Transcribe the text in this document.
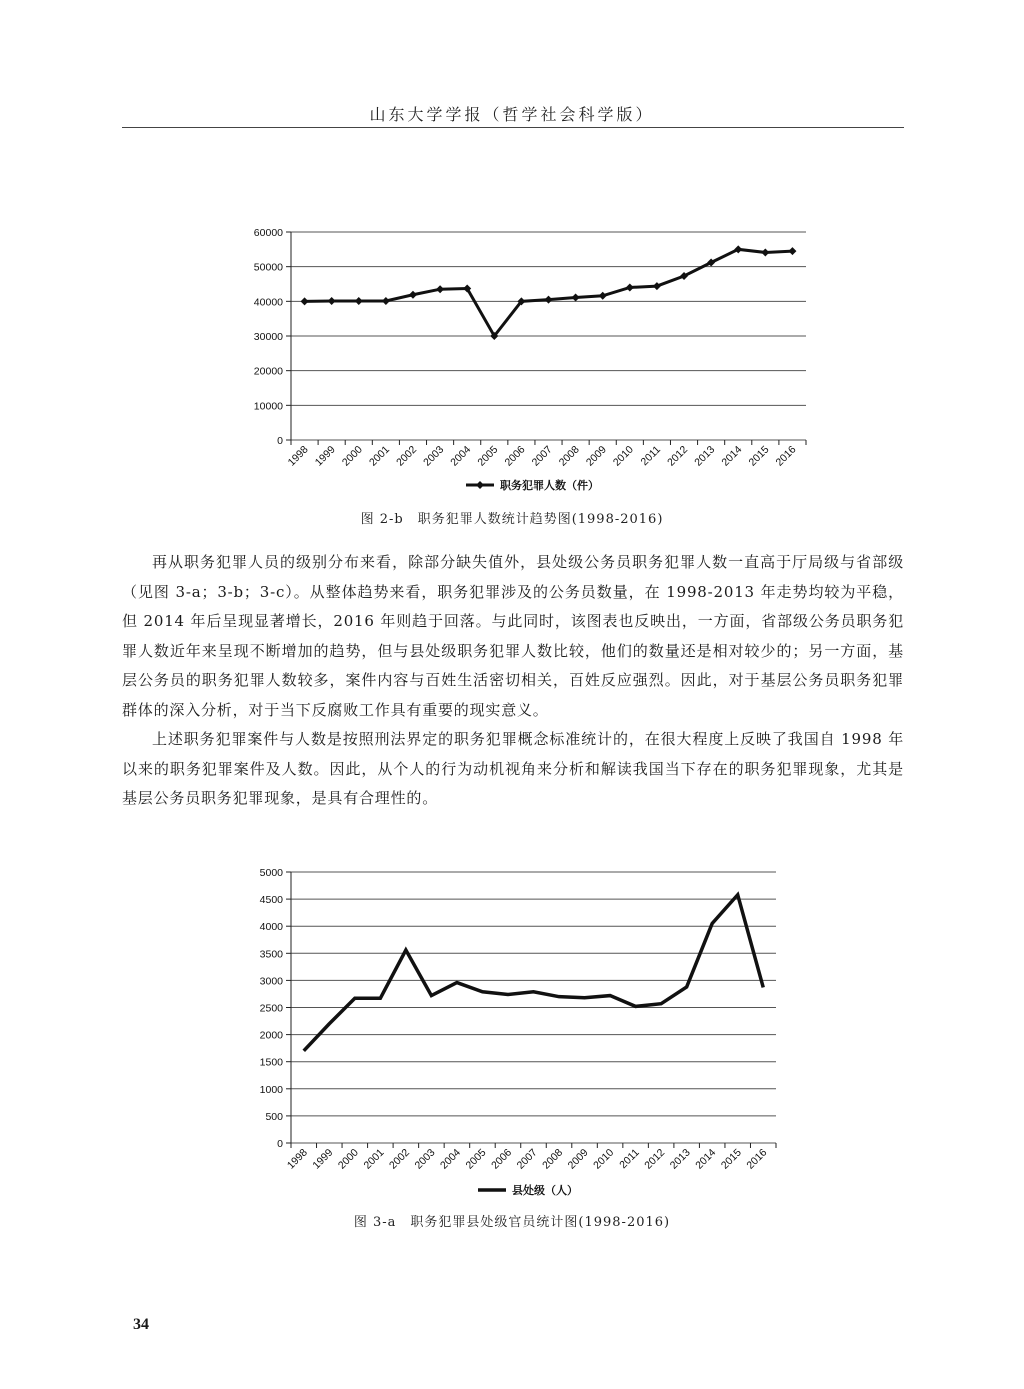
山东大学学报（哲学社会科学版）
0
10000
20000
30000
40000
50000
60000
1998 1999 2000 2001 2002 2003 2004 2005 2006 2007 2008 2009 2010 2011 2012 2013 2014 2015 2016
职务犯罪人数（件）
图 2-b　职务犯罪人数统计趋势图(1998-2016)

再从职务犯罪人员的级别分布来看，除部分缺失值外，县处级公务员职务犯罪人数一直高于厅局级与省部级（见图 3-a；3-b；3-c）。从整体趋势来看，职务犯罪涉及的公务员数量，在 1998-2013 年走势均较为平稳，但 2014 年后呈现显著增长，2016 年则趋于回落。与此同时，该图表也反映出，一方面，省部级公务员职务犯罪人数近年来呈现不断增加的趋势，但与县处级职务犯罪人数比较，他们的数量还是相对较少的；另一方面，基层公务员的职务犯罪人数较多，案件内容与百姓生活密切相关，百姓反应强烈。因此，对于基层公务员职务犯罪群体的深入分析，对于当下反腐败工作具有重要的现实意义。

上述职务犯罪案件与人数是按照刑法界定的职务犯罪概念标准统计的，在很大程度上反映了我国自 1998 年以来的职务犯罪案件及人数。因此，从个人的行为动机视角来分析和解读我国当下存在的职务犯罪现象，尤其是基层公务员职务犯罪现象，是具有合理性的。

0
500
1000
1500
2000
2500
3000
3500
4000
4500
5000
1998 1999 2000 2001 2002 2003 2004 2005 2006 2007 2008 2009 2010 2011 2012 2013 2014 2015 2016
县处级（人）
图 3-a　职务犯罪县处级官员统计图(1998-2016)
34
